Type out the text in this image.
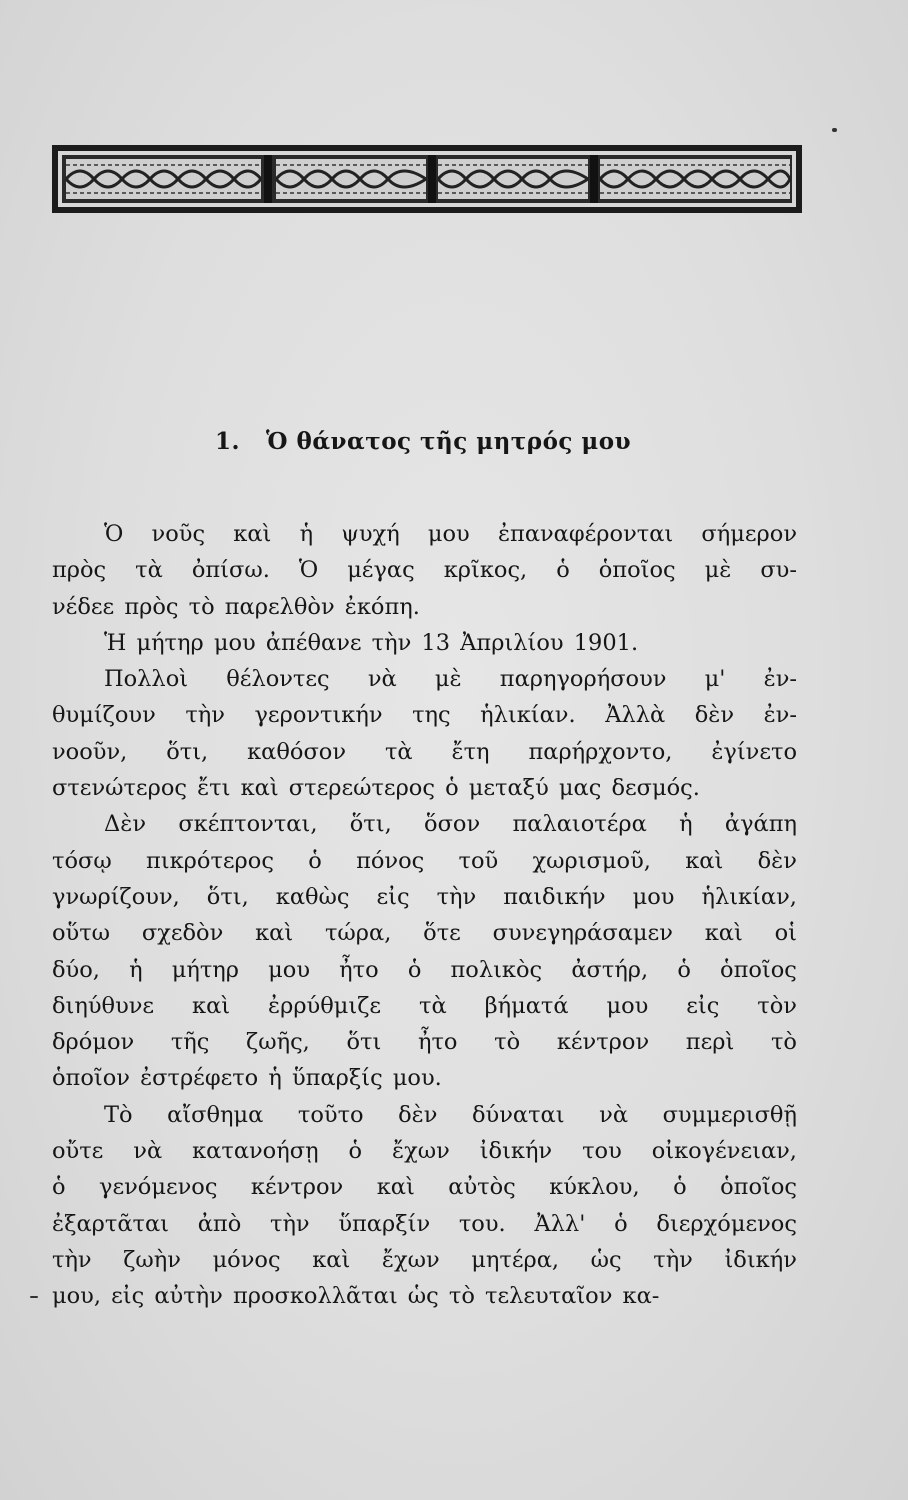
1. Ὁ θάνατος τῆς μητρός μου
Ὁ νοῦς καὶ ἡ ψυχή μου ἐπαναφέρονται σήμερον
πρὸς τὰ ὀπίσω. Ὁ μέγας κρῖκος, ὁ ὁποῖος μὲ συ-
νέδεε πρὸς τὸ παρελθὸν ἐκόπη.
Ἡ μήτηρ μου ἀπέθανε τὴν 13 Ἀπριλίου 1901.
Πολλοὶ θέλοντες νὰ μὲ παρηγορήσουν μ' ἐν-
θυμίζουν τὴν γεροντικήν της ἡλικίαν. Ἀλλὰ δὲν ἐν-
νοοῦν, ὅτι, καθόσον τὰ ἔτη παρήρχοντο, ἐγίνετο
στενώτερος ἔτι καὶ στερεώτερος ὁ μεταξύ μας δεσμός.
Δὲν σκέπτονται, ὅτι, ὅσον παλαιοτέρα ἡ ἀγάπη
τόσῳ πικρότερος ὁ πόνος τοῦ χωρισμοῦ, καὶ δὲν
γνωρίζουν, ὅτι, καθὼς εἰς τὴν παιδικήν μου ἡλικίαν,
οὕτω σχεδὸν καὶ τώρα, ὅτε συνεγηράσαμεν καὶ οἱ
δύο, ἡ μήτηρ μου ἦτο ὁ πολικὸς ἀστήρ, ὁ ὁποῖος
διηύθυνε καὶ ἐρρύθμιζε τὰ βήματά μου εἰς τὸν
δρόμον τῆς ζωῆς, ὅτι ἦτο τὸ κέντρον περὶ τὸ
ὁποῖον ἐστρέφετο ἡ ὕπαρξίς μου.
Τὸ αἴσθημα τοῦτο δὲν δύναται νὰ συμμερισθῇ
οὔτε νὰ κατανοήσῃ ὁ ἔχων ἰδικήν του οἰκογένειαν,
ὁ γενόμενος κέντρον καὶ αὐτὸς κύκλου, ὁ ὁποῖος
ἐξαρτᾶται ἀπὸ τὴν ὕπαρξίν του. Ἀλλ' ὁ διερχόμενος
τὴν ζωὴν μόνος καὶ ἔχων μητέρα, ὡς τὴν ἰδικήν
μου, εἰς αὐτὴν προσκολλᾶται ὡς τὸ τελευταῖον κα-
